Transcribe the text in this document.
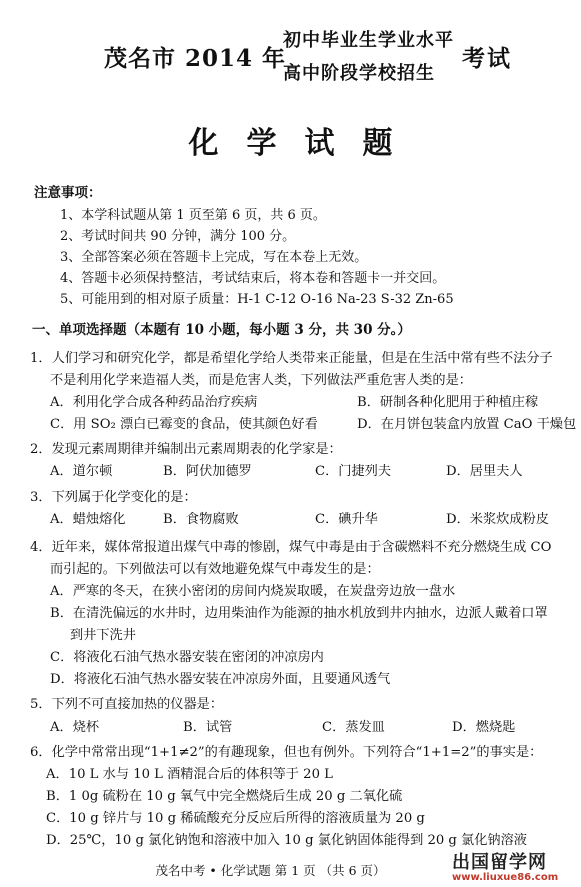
茂名市 2014 年
初中毕业生学业水平
高中阶段学校招生
考试
化学试题
注意事项：
1、本学科试题从第 1 页至第 6 页，共 6 页。
2、考试时间共 90 分钟，满分 100 分。
3、全部答案必须在答题卡上完成，写在本卷上无效。
4、答题卡必须保持整洁，考试结束后，将本卷和答题卡一并交回。
5、可能用到的相对原子质量：H-1 C-12 O-16 Na-23 S-32 Zn-65
一、单项选择题（本题有 10 小题，每小题 3 分，共 30 分。）
1．人们学习和研究化学，都是希望化学给人类带来正能量，但是在生活中常有些不法分子
不是利用化学来造福人类，而是危害人类，下列做法严重危害人类的是：
A．利用化学合成各种药品治疗疾病	B．研制各种化肥用于种植庄稼
C．用 SO₂ 漂白已霉变的食品，使其颜色好看	D．在月饼包装盒内放置 CaO 干燥包
2．发现元素周期律并编制出元素周期表的化学家是：
A．道尔顿	B．阿伏加德罗	C．门捷列夫	D．居里夫人
3．下列属于化学变化的是：
A．蜡烛熔化	B．食物腐败	C．碘升华	D．米浆炊成粉皮
4．近年来，媒体常报道出煤气中毒的惨剧，煤气中毒是由于含碳燃料不充分燃烧生成 CO
而引起的。下列做法可以有效地避免煤气中毒发生的是：
A．严寒的冬天，在狭小密闭的房间内烧炭取暖，在炭盘旁边放一盘水
B．在清洗偏远的水井时，边用柴油作为能源的抽水机放到井内抽水，边派人戴着口罩
到井下洗井
C．将液化石油气热水器安装在密闭的冲凉房内
D．将液化石油气热水器安装在冲凉房外面，且要通风透气
5．下列不可直接加热的仪器是：
A．烧杯	B．试管	C．蒸发皿	D．燃烧匙
6．化学中常常出现“1+1≠2”的有趣现象，但也有例外。下列符合“1+1=2”的事实是：
A．10 L 水与 10 L 酒精混合后的体积等于 20 L
B．1 0g 硫粉在 10 g 氧气中完全燃烧后生成 20 g 二氧化硫
C．10 g 锌片与 10 g 稀硫酸充分反应后所得的溶液质量为 20 g
D．25℃，10 g 氯化钠饱和溶液中加入 10 g 氯化钠固体能得到 20 g 氯化钠溶液
茂名中考 • 化学试题 第 1 页 （共 6 页）	出国留学网
www.liuxue86.com
